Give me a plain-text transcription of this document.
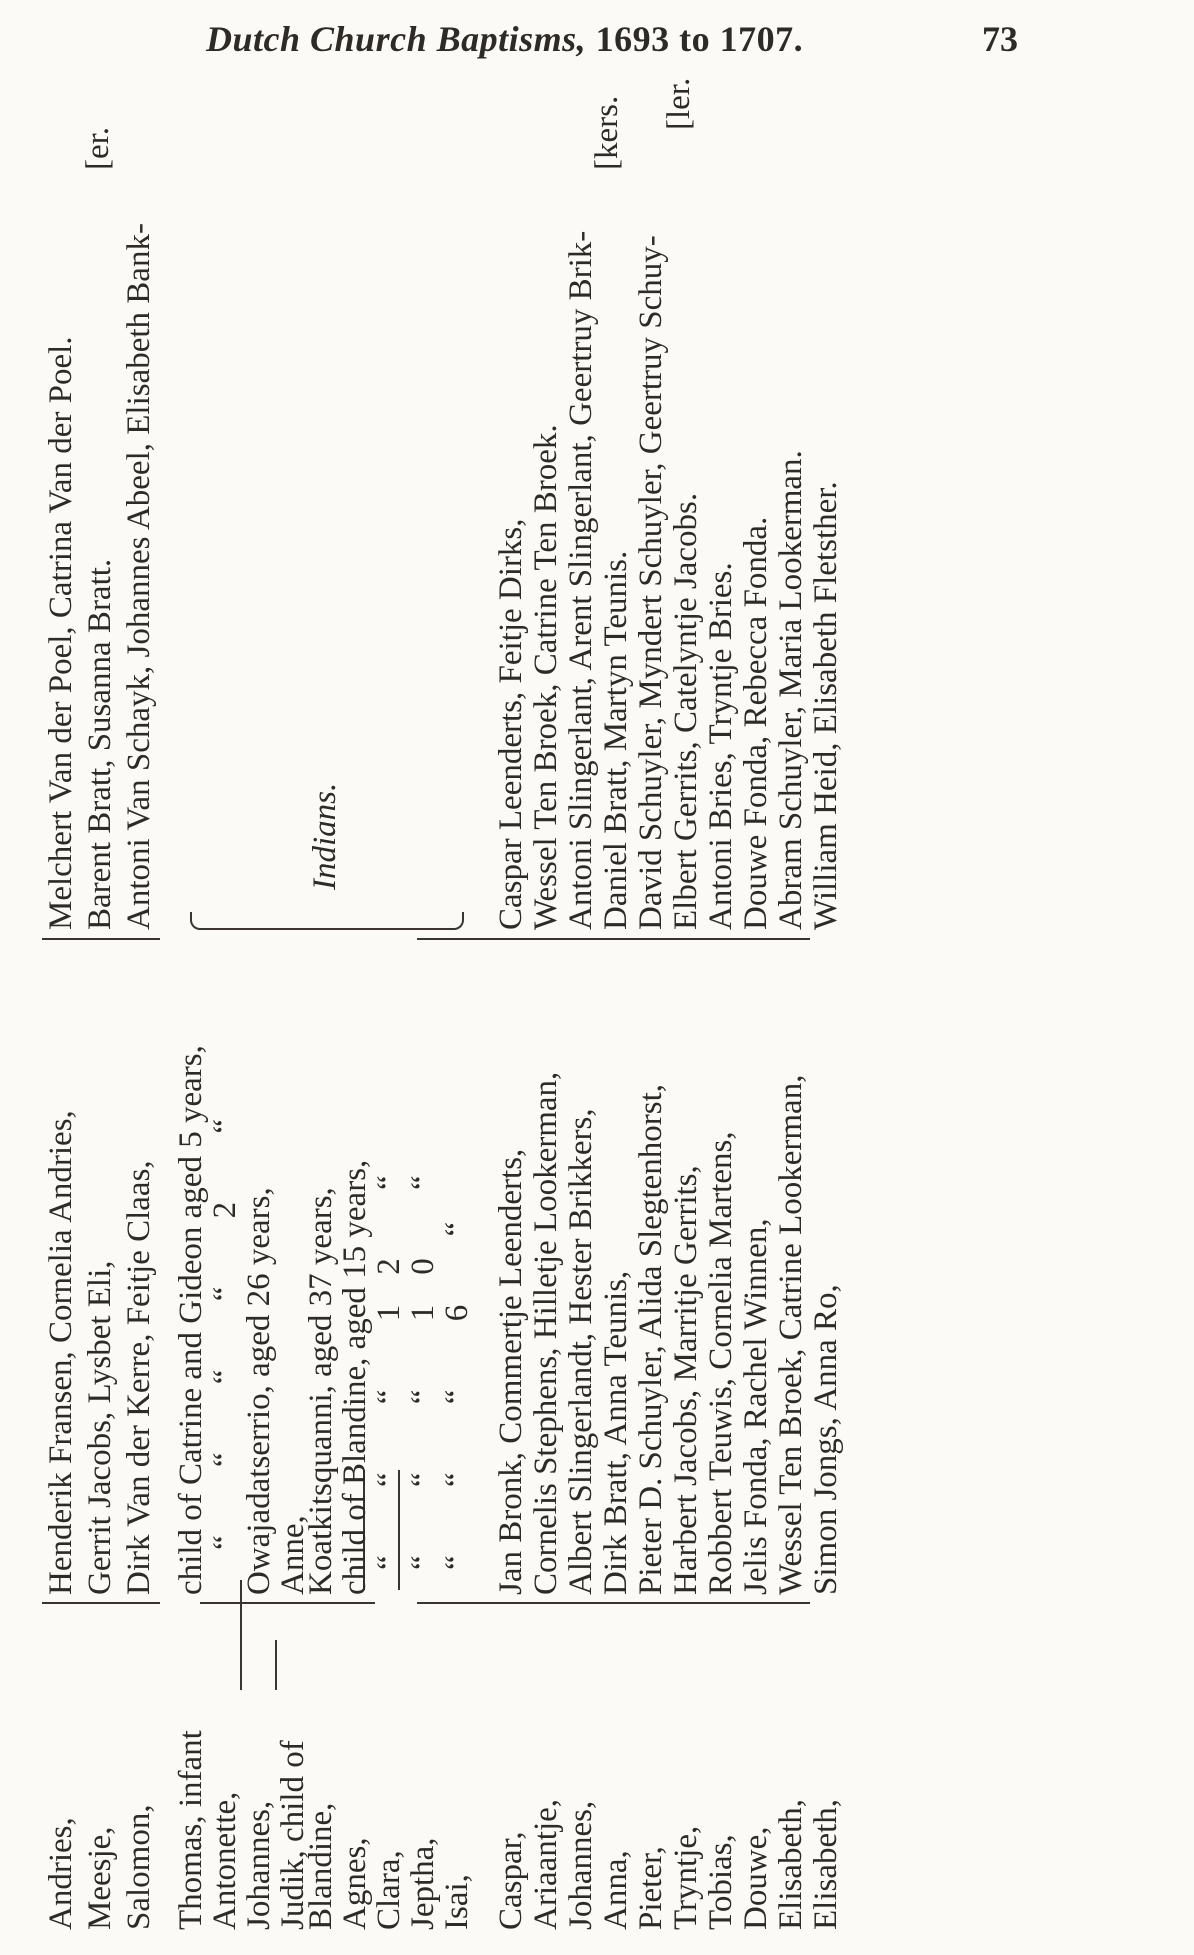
Dutch Church Baptisms, 1693 to 1707.	73
Andries,
Henderik Fransen, Cornelia Andries,
Melchert Van der Poel, Catrina Van der Poel.
Meesje,
Gerrit Jacobs, Lysbet Eli,
Barent Bratt, Susanna Bratt.
Salomon,
Dirk Van der Kerre, Feitje Claas,
Antoni Van Schayk, Johannes Abeel, Elisabeth Bank-
[er.
Thomas, infant
child of Catrine and Gideon aged 5 years,
Antonette,
“ “ “ “ 2 “
Johannes,
Owajadatserrio, aged 26 years,
Judik, child of
Anne,
Blandine,
Koatkitsquanni, aged 37 years,
Agnes,
child of Blandine, aged 15 years,
Clara,
“ “ “ 12 “
Jeptha,
“ “ “ 10 “
Isai,
“ “ “ 6 “
Indians.
Caspar,
Jan Bronk, Commertje Leenderts,
Caspar Leenderts, Feitje Dirks,
Ariaantje,
Cornelis Stephens, Hilletje Lookerman,
Wessel Ten Broek, Catrine Ten Broek.
Johannes,
Albert Slingerlandt, Hester Brikkers,
Antoni Slingerlant, Arent Slingerlant, Geertruy Brik-
Anna,
Dirk Bratt, Anna Teunis,
Daniel Bratt, Martyn Teunis.
[kers.
Pieter,
Pieter D. Schuyler, Alida Slegtenhorst,
David Schuyler, Myndert Schuyler, Geertruy Schuy-
[ler.
Tryntje,
Harbert Jacobs, Marritje Gerrits,
Elbert Gerrits, Catelyntje Jacobs.
Tobias,
Robbert Teuwis, Cornelia Martens,
Antoni Bries, Tryntje Bries.
Douwe,
Jelis Fonda, Rachel Winnen,
Douwe Fonda, Rebecca Fonda.
Elisabeth,
Wessel Ten Broek, Catrine Lookerman,
Abram Schuyler, Maria Lookerman.
Elisabeth,
Simon Jongs, Anna Ro,
William Heid, Elisabeth Fletsther.
